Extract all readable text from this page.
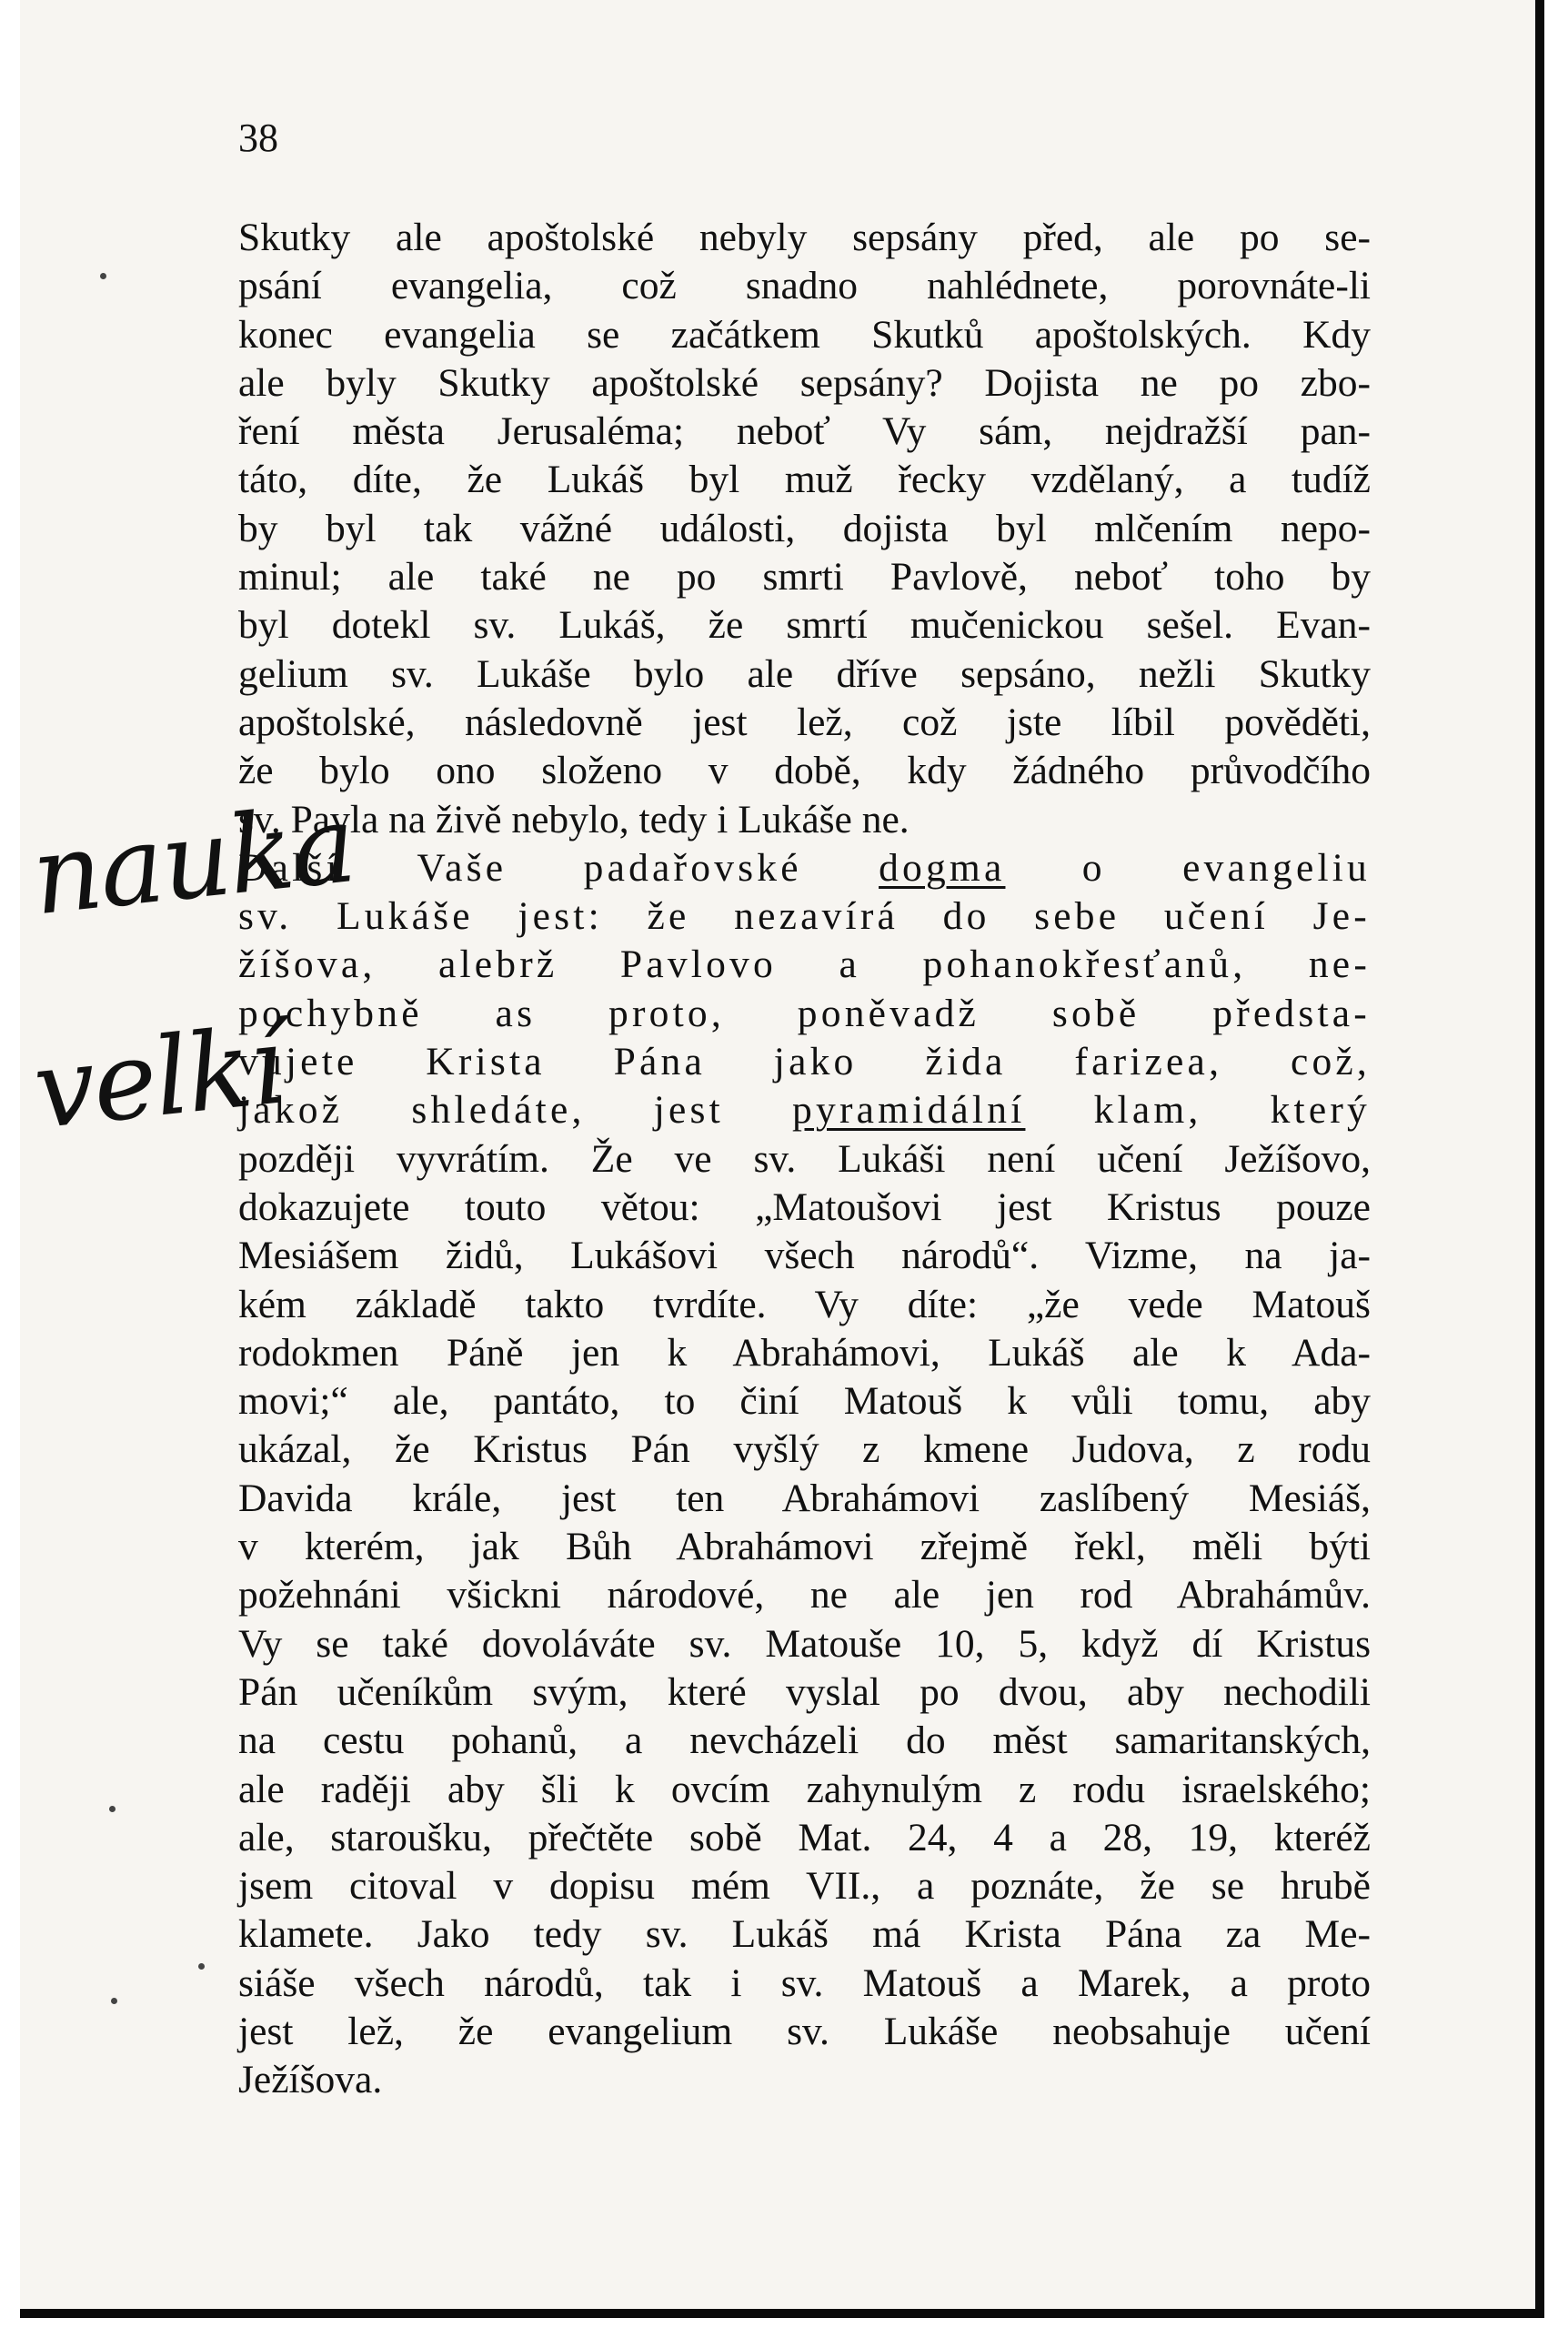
38
Skutky ale apoštolské nebyly sepsány před, ale po se-
psání evangelia, což snadno nahlédnete, porovnáte-li
konec evangelia se začátkem Skutků apoštolských. Kdy
ale byly Skutky apoštolské sepsány? Dojista ne po zbo-
ření města Jerusaléma; neboť Vy sám, nejdražší pan-
táto, díte, že Lukáš byl muž řecky vzdělaný, a tudíž
by byl tak vážné události, dojista byl mlčením nepo-
minul; ale také ne po smrti Pavlově, neboť toho by
byl dotekl sv. Lukáš, že smrtí mučenickou sešel. Evan-
gelium sv. Lukáše bylo ale dříve sepsáno, nežli Skutky
apoštolské, následovně jest lež, což jste líbil pověděti,
že bylo ono složeno v době, kdy žádného průvodčího
sv. Pavla na živě nebylo, tedy i Lukáše ne.
Další Vaše padařovské dogma o evangeliu
sv. Lukáše jest: že nezavírá do sebe učení Je-
žíšova, alebrž Pavlovo a pohanokřesťanů, ne-
pochybně as proto, poněvadž sobě předsta-
vujete Krista Pána jako žida farizea, což,
jakož shledáte, jest pyramidální klam, který
později vyvrátím. Že ve sv. Lukáši není učení Ježíšovo,
dokazujete touto větou: „Matoušovi jest Kristus pouze
Mesiášem židů, Lukášovi všech národů“. Vizme, na ja-
kém základě takto tvrdíte. Vy díte: „že vede Matouš
rodokmen Páně jen k Abrahámovi, Lukáš ale k Ada-
movi;“ ale, pantáto, to činí Matouš k vůli tomu, aby
ukázal, že Kristus Pán vyšlý z kmene Judova, z rodu
Davida krále, jest ten Abrahámovi zaslíbený Mesiáš,
v kterém, jak Bůh Abrahámovi zřejmě řekl, měli býti
požehnáni všickni národové, ne ale jen rod Abrahámův.
Vy se také dovoláváte sv. Matouše 10, 5, když dí Kristus
Pán učeníkům svým, které vyslal po dvou, aby nechodili
na cestu pohanů, a nevcházeli do měst samaritanských,
ale raději aby šli k ovcím zahynulým z rodu israelského;
ale, staroušku, přečtěte sobě Mat. 24, 4 a 28, 19, kteréž
jsem citoval v dopisu mém VII., a poznáte, že se hrubě
klamete. Jako tedy sv. Lukáš má Krista Pána za Me-
siáše všech národů, tak i sv. Matouš a Marek, a proto
jest lež, že evangelium sv. Lukáše neobsahuje učení
Ježíšova.
nauka
velkí
